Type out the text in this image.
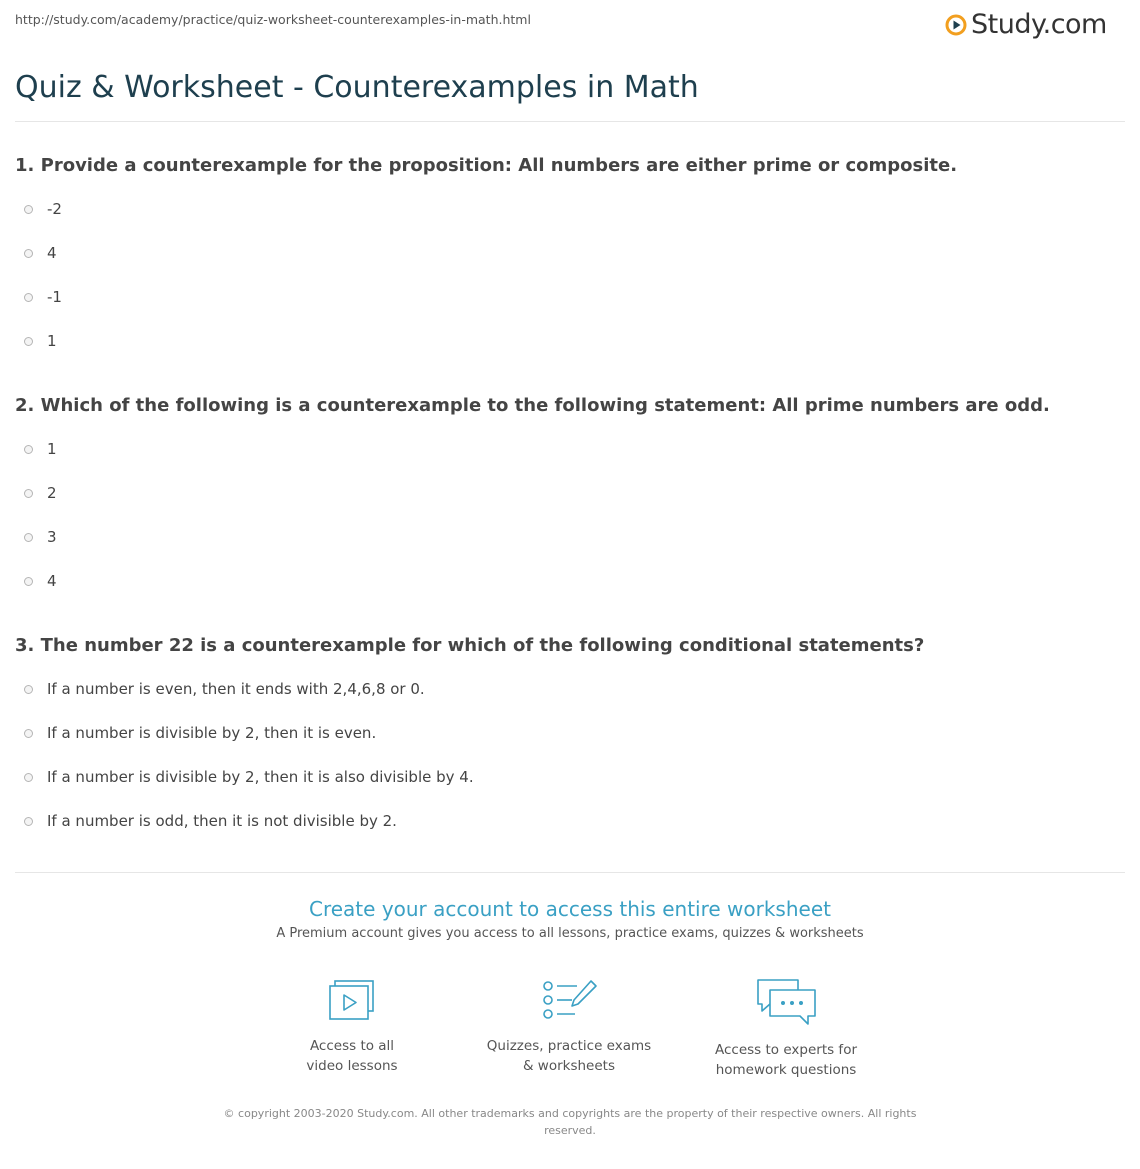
http://study.com/academy/practice/quiz-worksheet-counterexamples-in-math.html	Study.com
Quiz & Worksheet - Counterexamples in Math
1. Provide a counterexample for the proposition: All numbers are either prime or composite.
-2
4
-1
1
2. Which of the following is a counterexample to the following statement: All prime numbers are odd.
1
2
3
4
3. The number 22 is a counterexample for which of the following conditional statements?
If a number is even, then it ends with 2,4,6,8 or 0.
If a number is divisible by 2, then it is even.
If a number is divisible by 2, then it is also divisible by 4.
If a number is odd, then it is not divisible by 2.
Create your account to access this entire worksheet
A Premium account gives you access to all lessons, practice exams, quizzes & worksheets
Access to all
video lessons
Quizzes, practice exams
& worksheets
Access to experts for
homework questions
© copyright 2003-2020 Study.com. All other trademarks and copyrights are the property of their respective owners. All rights reserved.
